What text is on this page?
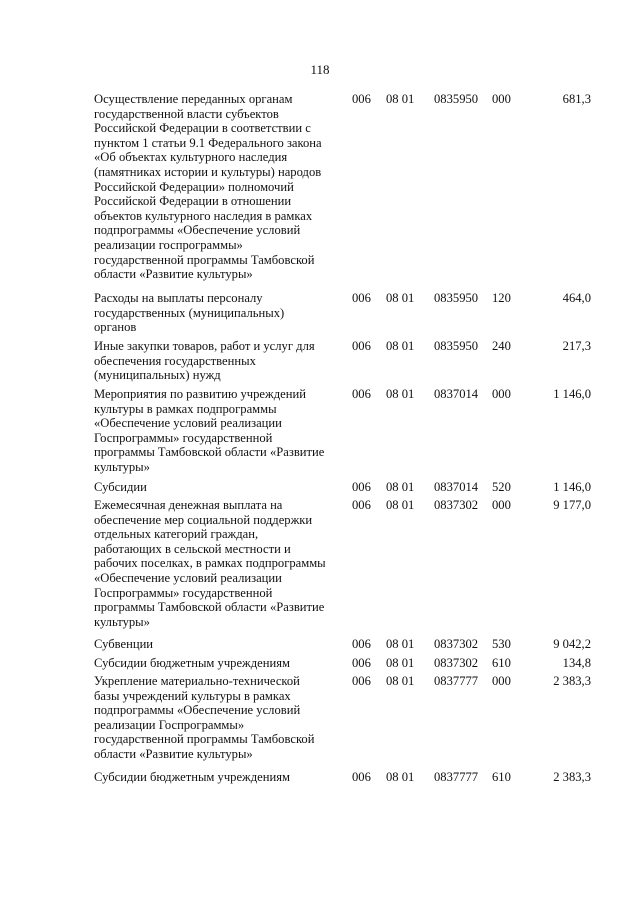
118
Осуществление переданных органам
государственной власти субъектов
Российской Федерации в соответствии с
пунктом 1 статьи 9.1 Федерального закона
«Об объектах культурного наследия
(памятниках истории и культуры) народов
Российской Федерации» полномочий
Российской Федерации в отношении
объектов культурного наследия в рамках
подпрограммы «Обеспечение условий
реализации госпрограммы»
государственной программы Тамбовской
области «Развитие культуры»
006 08 01 0835950 000	681,3
Расходы на выплаты персоналу
государственных (муниципальных)
органов
006 08 01 0835950 120	464,0
Иные закупки товаров, работ и услуг для
обеспечения государственных
(муниципальных) нужд
006 08 01 0835950 240	217,3
Мероприятия по развитию учреждений
культуры в рамках подпрограммы
«Обеспечение условий реализации
Госпрограммы» государственной
программы Тамбовской области «Развитие
культуры»
006 08 01 0837014 000	1 146,0
Субсидии	006 08 01 0837014 520	1 146,0
Ежемесячная денежная выплата на
обеспечение мер социальной поддержки
отдельных категорий граждан,
работающих в сельской местности и
рабочих поселках, в рамках подпрограммы
«Обеспечение условий реализации
Госпрограммы» государственной
программы Тамбовской области «Развитие
культуры»
006 08 01 0837302 000	9 177,0
Субвенции	006 08 01 0837302 530	9 042,2
Субсидии бюджетным учреждениям	006 08 01 0837302 610	134,8
Укрепление материально-технической
базы учреждений культуры в рамках
подпрограммы «Обеспечение условий
реализации Госпрограммы»
государственной программы Тамбовской
области «Развитие культуры»
006 08 01 0837777 000	2 383,3
Субсидии бюджетным учреждениям	006 08 01 0837777 610	2 383,3
